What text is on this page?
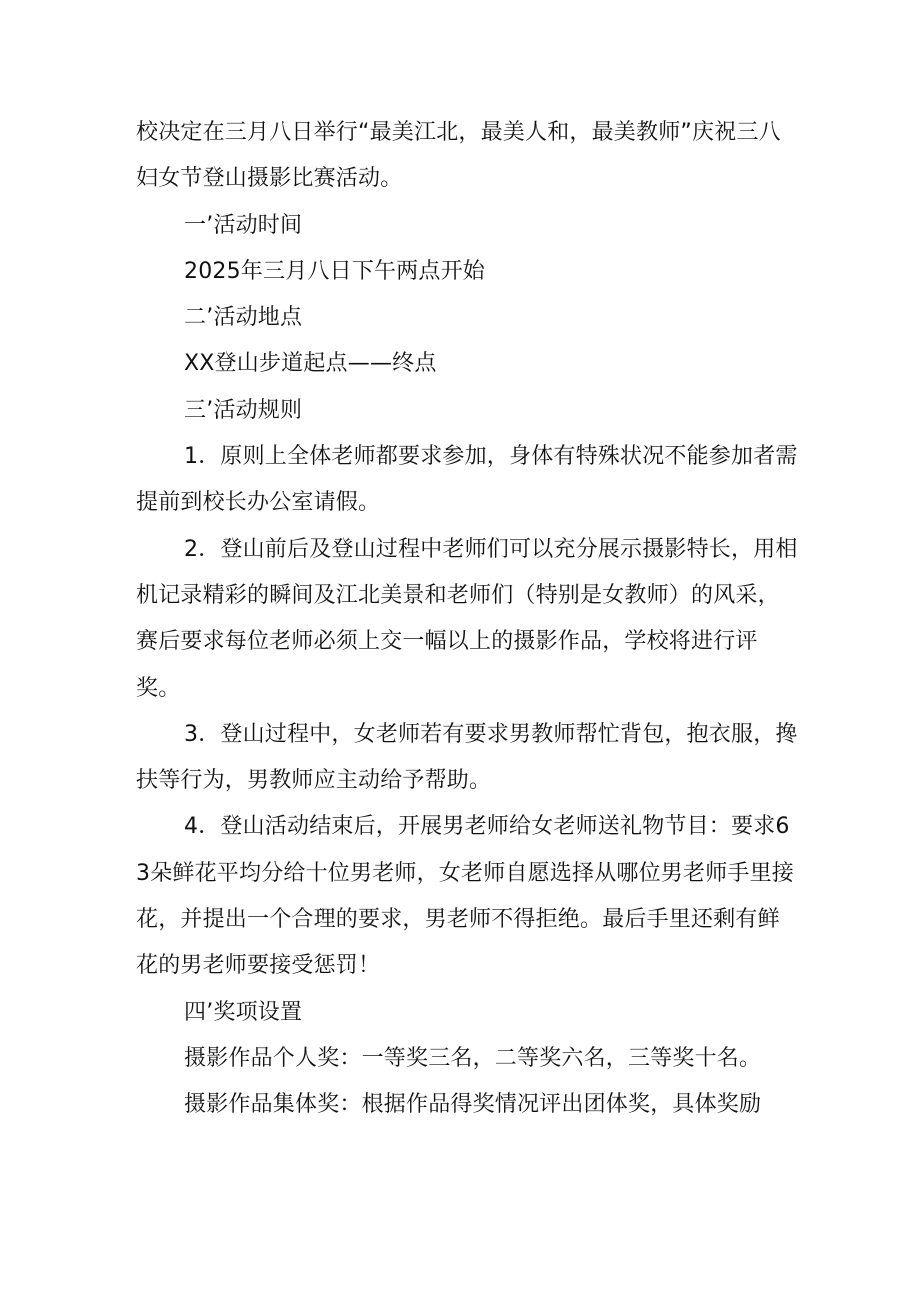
校决定在三月八日举行“最美江北，最美人和，最美教师”庆祝三八妇女节登山摄影比赛活动。

一’活动时间

2025年三月八日下午两点开始

二’活动地点

XX登山步道起点——终点

三’活动规则

1．原则上全体老师都要求参加，身体有特殊状况不能参加者需提前到校长办公室请假。

2．登山前后及登山过程中老师们可以充分展示摄影特长，用相机记录精彩的瞬间及江北美景和老师们（特别是女教师）的风采，赛后要求每位老师必须上交一幅以上的摄影作品，学校将进行评奖。

3．登山过程中，女老师若有要求男教师帮忙背包，抱衣服，搀扶等行为，男教师应主动给予帮助。

4．登山活动结束后，开展男老师给女老师送礼物节目：要求63朵鲜花平均分给十位男老师，女老师自愿选择从哪位男老师手里接花，并提出一个合理的要求，男老师不得拒绝。最后手里还剩有鲜花的男老师要接受惩罚！

四’奖项设置

摄影作品个人奖：一等奖三名，二等奖六名，三等奖十名。

摄影作品集体奖：根据作品得奖情况评出团体奖，具体奖励
